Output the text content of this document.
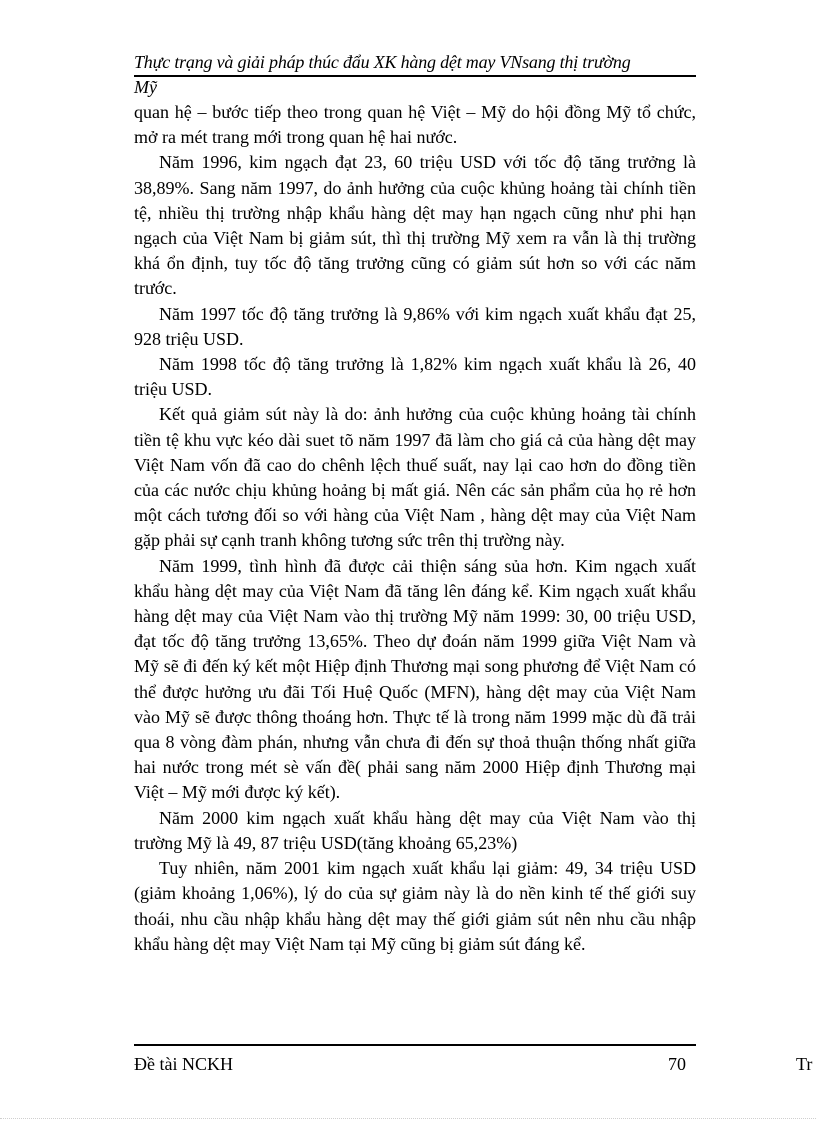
Thực trạng và giải pháp thúc đẩu XK hàng dệt may VNsang thị trường
Mỹ

quan hệ – bước tiếp theo trong quan hệ Việt – Mỹ do hội đồng Mỹ tổ chức, mở ra mét trang mới trong quan hệ hai nước.

Năm 1996, kim ngạch đạt 23, 60 triệu USD với tốc độ tăng trưởng là 38,89%. Sang năm 1997, do ảnh hưởng của cuộc khủng hoảng tài chính tiền tệ, nhiều thị trường nhập khẩu hàng dệt may hạn ngạch cũng như phi hạn ngạch của Việt Nam bị giảm sút, thì thị trường Mỹ xem ra vẫn là thị trường khá ổn định, tuy tốc độ tăng trưởng cũng có giảm sút hơn so với các năm trước.

Năm 1997 tốc độ tăng trưởng là 9,86% với kim ngạch xuất khẩu đạt 25, 928 triệu USD.

Năm 1998 tốc độ tăng trưởng là 1,82% kim ngạch xuất khẩu là 26, 40 triệu USD.

Kết quả giảm sút này là do: ảnh hưởng của cuộc khủng hoảng tài chính tiền tệ khu vực kéo dài suet tõ năm 1997 đã làm cho giá cả của hàng dệt may Việt Nam vốn đã cao do chênh lệch thuế suất, nay lại cao hơn do đồng tiền của các nước chịu khủng hoảng bị mất giá. Nên các sản phẩm của họ rẻ hơn một cách tương đối so với hàng của Việt Nam , hàng dệt may của Việt Nam gặp phải sự cạnh tranh không tương sức trên thị trường này.

Năm 1999, tình hình đã được cải thiện sáng sủa hơn. Kim ngạch xuất khẩu hàng dệt may của Việt Nam đã tăng lên đáng kể. Kim ngạch xuất khẩu hàng dệt may của Việt Nam vào thị trường Mỹ năm 1999: 30, 00 triệu USD, đạt tốc độ tăng trưởng 13,65%. Theo dự đoán năm 1999 giữa Việt Nam và Mỹ sẽ đi đến ký kết một Hiệp định Thương mại song phương để Việt Nam có thể được hưởng ưu đãi Tối Huệ Quốc (MFN), hàng dệt may của Việt Nam vào Mỹ sẽ được thông thoáng hơn. Thực tế là trong năm 1999 mặc dù đã trải qua 8 vòng đàm phán, nhưng vẫn chưa đi đến sự thoả thuận thống nhất giữa hai nước trong mét sè vấn đề( phải sang năm 2000 Hiệp định Thương mại Việt – Mỹ mới được ký kết).

Năm 2000 kim ngạch xuất khẩu hàng dệt may của Việt Nam vào thị trường Mỹ là 49, 87 triệu USD(tăng khoảng 65,23%)

Tuy nhiên, năm 2001 kim ngạch xuất khẩu lại giảm: 49, 34 triệu USD (giảm khoảng 1,06%), lý do của sự giảm này là do nền kinh tế thế giới suy thoái, nhu cầu nhập khẩu hàng dệt may thế giới giảm sút nên nhu cầu nhập khẩu hàng dệt may Việt Nam tại Mỹ cũng bị giảm sút đáng kể.

Đề tài NCKH	70	Tr
